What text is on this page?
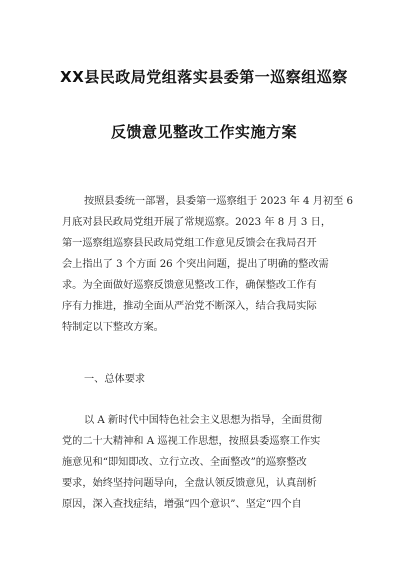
XX县民政局党组落实县委第一巡察组巡察
反馈意见整改工作实施方案
按照县委统一部署，县委第一巡察组于 2023 年 4 月初至 6
月底对县民政局党组开展了常规巡察。2023 年 8 月 3 日，
第一巡察组巡察县民政局党组工作意见反馈会在我局召开
会上指出了 3 个方面 26 个突出问题，提出了明确的整改需
求。为全面做好巡察反馈意见整改工作，确保整改工作有
序有力推进，推动全面从严治党不断深入，结合我局实际
特制定以下整改方案。
一、总体要求
以 A 新时代中国特色社会主义思想为指导，全面贯彻
党的二十大精神和 A 巡视工作思想，按照县委巡察工作实
施意见和“即知即改、立行立改、全面整改”的巡察整改
要求，始终坚持问题导向，全盘认领反馈意见，认真剖析
原因，深入查找症结，增强“四个意识”、坚定“四个自
